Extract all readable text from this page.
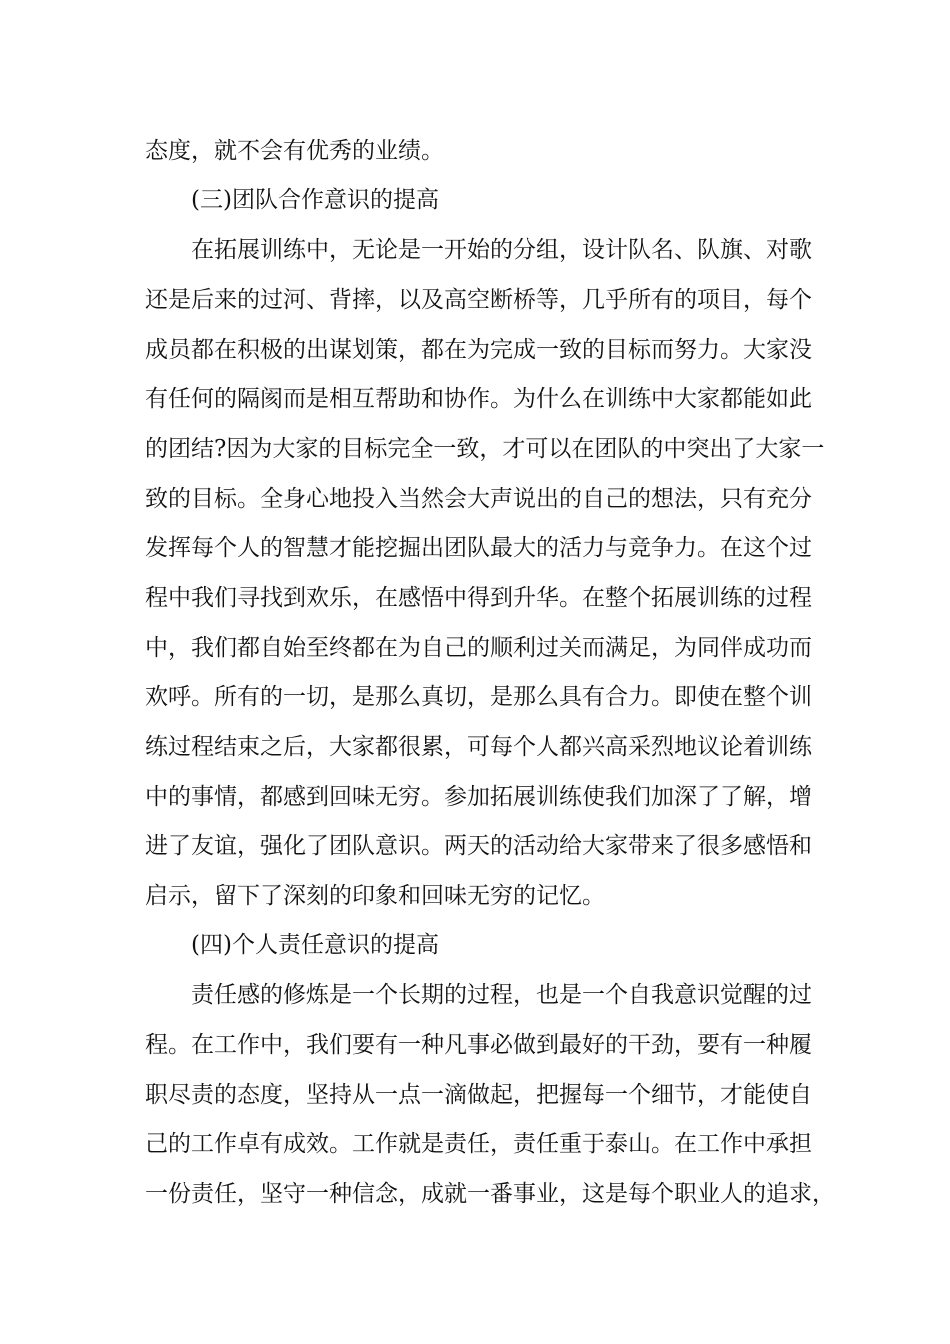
态度，就不会有优秀的业绩。
(三)团队合作意识的提高
在拓展训练中，无论是一开始的分组，设计队名、队旗、对歌
还是后来的过河、背摔，以及高空断桥等，几乎所有的项目，每个
成员都在积极的出谋划策，都在为完成一致的目标而努力。大家没
有任何的隔阂而是相互帮助和协作。为什么在训练中大家都能如此
的团结?因为大家的目标完全一致，才可以在团队的中突出了大家一
致的目标。全身心地投入当然会大声说出的自己的想法，只有充分
发挥每个人的智慧才能挖掘出团队最大的活力与竞争力。在这个过
程中我们寻找到欢乐，在感悟中得到升华。在整个拓展训练的过程
中，我们都自始至终都在为自己的顺利过关而满足，为同伴成功而
欢呼。所有的一切，是那么真切，是那么具有合力。即使在整个训
练过程结束之后，大家都很累，可每个人都兴高采烈地议论着训练
中的事情，都感到回味无穷。参加拓展训练使我们加深了了解，增
进了友谊，强化了团队意识。两天的活动给大家带来了很多感悟和
启示，留下了深刻的印象和回味无穷的记忆。
(四)个人责任意识的提高
责任感的修炼是一个长期的过程，也是一个自我意识觉醒的过
程。在工作中，我们要有一种凡事必做到最好的干劲，要有一种履
职尽责的态度，坚持从一点一滴做起，把握每一个细节，才能使自
己的工作卓有成效。工作就是责任，责任重于泰山。在工作中承担
一份责任，坚守一种信念，成就一番事业，这是每个职业人的追求，
